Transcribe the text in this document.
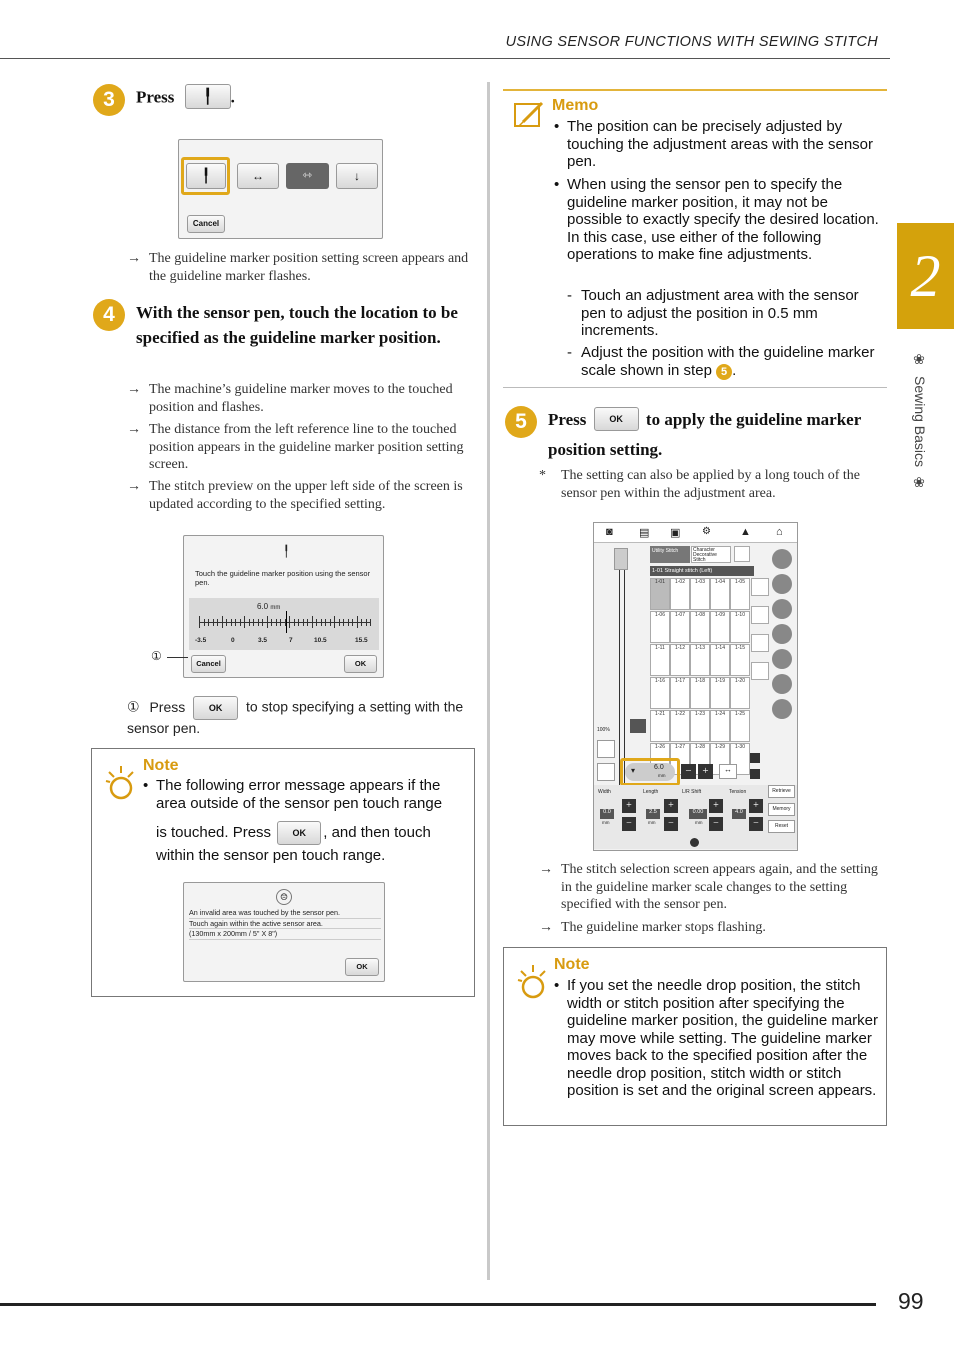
USING SENSOR FUNCTIONS WITH SEWING STITCH
2
❀
Sewing Basics
❀
3	Press ╿ .
╿	↔	⇿	↓
Cancel
→ The guideline marker position setting screen appears and the guideline marker flashes.
4	With the sensor pen, touch the location to be specified as the guideline marker position.
→ The machine’s guideline marker moves to the touched position and flashes.
→ The distance from the left reference line to the touched position appears in the guideline marker position setting screen.
→ The stitch preview on the upper left side of the screen is updated according to the specified setting.
╿
Touch the guideline marker position using the sensor pen.
6.0 mm
-3.5	0	3.5	7	10.5	15.5
Cancel	OK
①
① Press	OK to stop specifying a setting with the sensor pen.
Note
• The following error message appears if the area outside of the sensor pen touch range
is touched. Press OK , and then touch within the sensor pen touch range.
☹
An invalid area was touched by the sensor pen.
Touch again within the active sensor area.
(130mm x 200mm / 5" X 8")
OK
Memo
• The position can be precisely adjusted by touching the adjustment areas with the sensor pen.
• When using the sensor pen to specify the guideline marker position, it may not be possible to exactly specify the desired location. In this case, use either of the following operations to make fine adjustments.
- Touch an adjustment area with the sensor pen to adjust the position in 0.5 mm increments.
- Adjust the position with the guideline marker scale shown in step 5 .
5	Press	OK to apply the guideline marker position setting.
*	The setting can also be applied by a long touch of the sensor pen within the adjustment area.
◙ ▤ ▣ ⚙	▲ ⌂
Utility Stitch	Character Decorative Stitch
1-01 Straight stitch (Left)
1-01	1-02	1-03	1-04	1-05
1-06	1-07	1-08	1-09	1-10
1-11	1-12	1-13	1-14	1-15
1-16	1-17	1-18	1-19	1-20
1-21	1-22	1-23	1-24	1-25
1-26	1-27	1-28	1-29	1-30
100%
▾	6.0
mm	− +	↔
Width	Length	L/R Shift	Tension
0.0	2.5	0.00	4.0
mm	mm	mm
+
−
+
−
+
−
+
−
Retrieve
Memory
Reset
→ The stitch selection screen appears again, and the setting in the guideline marker scale changes to the setting specified with the sensor pen.
→ The guideline marker stops flashing.
Note
• If you set the needle drop position, the stitch width or stitch position after specifying the guideline marker position, the guideline marker may move while setting. The guideline marker moves back to the specified position after the needle drop position, stitch width or stitch position is set and the original screen appears.
99
